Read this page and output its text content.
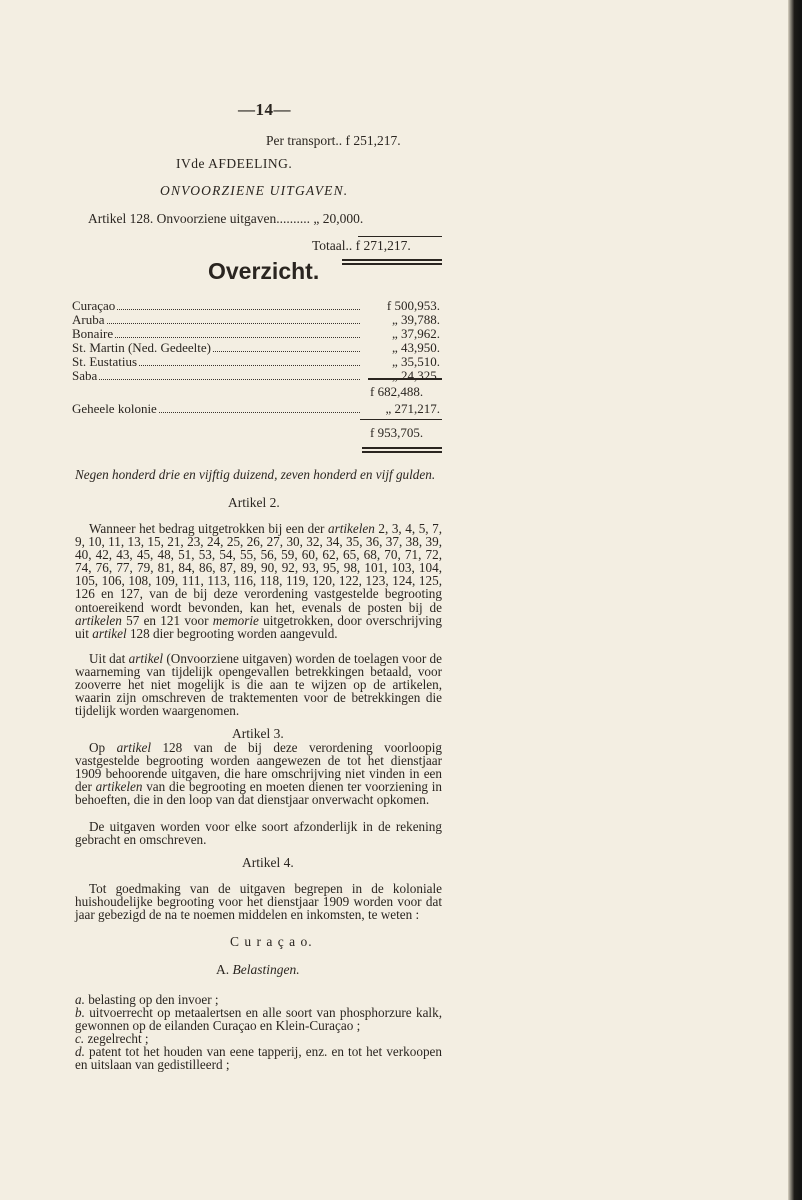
—14—
Per transport.. f 251,217.
IVde AFDEELING.
ONVOORZIENE UITGAVEN.
Artikel 128. Onvoorziene uitgaven.......... „ 20,000.
Totaal.. f 271,217.
Overzicht.
Curaçao	f 500,953.
Aruba	„ 39,788.
Bonaire	„ 37,962.
St. Martin (Ned. Gedeelte)	„ 43,950.
St. Eustatius	„ 35,510.
Saba	„ 24,325.
f 682,488.
Geheele kolonie	„ 271,217.
f 953,705.
Negen honderd drie en vijftig duizend, zeven honderd en vijf gulden.
Artikel 2.
Wanneer het bedrag uitgetrokken bij een der artikelen 2, 3, 4, 5, 7, 9, 10, 11, 13, 15, 21, 23, 24, 25, 26, 27, 30, 32, 34, 35, 36, 37, 38, 39, 40, 42, 43, 45, 48, 51, 53, 54, 55, 56, 59, 60, 62, 65, 68, 70, 71, 72, 74, 76, 77, 79, 81, 84, 86, 87, 89, 90, 92, 93, 95, 98, 101, 103, 104, 105, 106, 108, 109, 111, 113, 116, 118, 119, 120, 122, 123, 124, 125, 126 en 127, van de bij deze verordening vastgestelde begrooting ontoereikend wordt bevonden, kan het, evenals de posten bij de artikelen 57 en 121 voor memorie uitgetrokken, door overschrijving uit artikel 128 dier begrooting worden aangevuld.
Uit dat artikel (Onvoorziene uitgaven) worden de toelagen voor de waarneming van tijdelijk opengevallen betrekkingen betaald, voor zooverre het niet mogelijk is die aan te wijzen op de artikelen, waarin zijn omschreven de traktementen voor de betrekkingen die tijdelijk worden waargenomen.
Artikel 3.
Op artikel 128 van de bij deze verordening voorloopig vastgestelde begrooting worden aangewezen de tot het dienstjaar 1909 behoorende uitgaven, die hare omschrijving niet vinden in een der artikelen van die begrooting en moeten dienen ter voorziening in behoeften, die in den loop van dat dienstjaar onverwacht opkomen.
De uitgaven worden voor elke soort afzonderlijk in de rekening gebracht en omschreven.
Artikel 4.
Tot goedmaking van de uitgaven begrepen in de koloniale huishoudelijke begrooting voor het dienstjaar 1909 worden voor dat jaar gebezigd de na te noemen middelen en inkomsten, te weten :
C u r a ç a o.
A. Belastingen.

a. belasting op den invoer ;

b. uitvoerrecht op metaalertsen en alle soort van phosphorzure kalk, gewonnen op de eilanden Curaçao en Klein-Curaçao ;

c. zegelrecht ;

d. patent tot het houden van eene tapperij, enz. en tot het verkoopen en uitslaan van gedistilleerd ;
